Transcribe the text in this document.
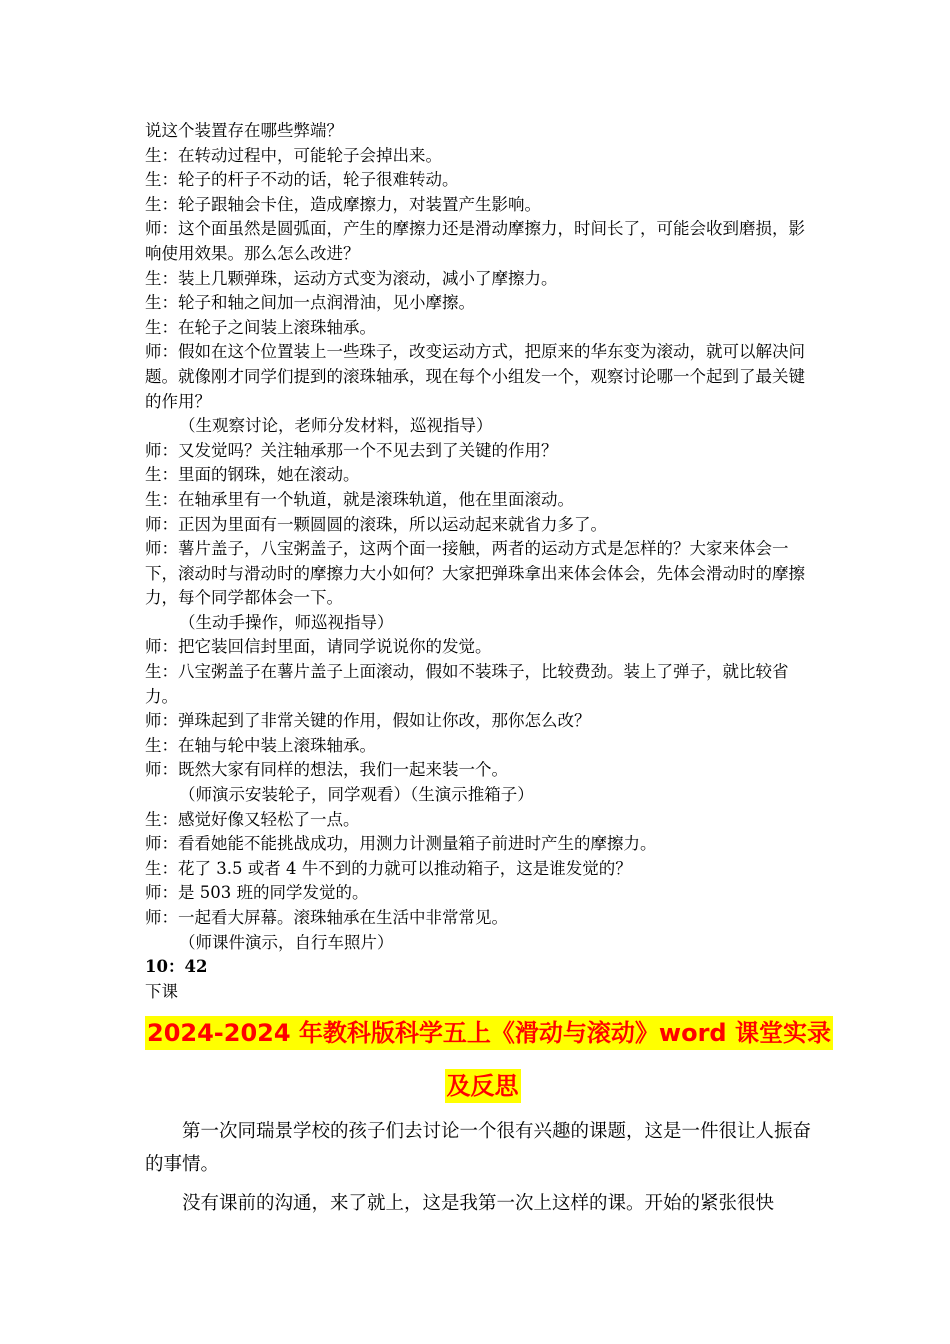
说这个装置存在哪些弊端？

生：在转动过程中，可能轮子会掉出来。

生：轮子的杆子不动的话，轮子很难转动。

生：轮子跟轴会卡住，造成摩擦力，对装置产生影响。

师：这个面虽然是圆弧面，产生的摩擦力还是滑动摩擦力，时间长了，可能会收到磨损，影响使用效果。那么怎么改进？

生：装上几颗弹珠，运动方式变为滚动，减小了摩擦力。

生：轮子和轴之间加一点润滑油，见小摩擦。

生：在轮子之间装上滚珠轴承。

师：假如在这个位置装上一些珠子，改变运动方式，把原来的华东变为滚动，就可以解决问题。就像刚才同学们提到的滚珠轴承，现在每个小组发一个，观察讨论哪一个起到了最关键的作用？

（生观察讨论，老师分发材料，巡视指导）

师：又发觉吗？关注轴承那一个不见去到了关键的作用？

生：里面的钢珠，她在滚动。

生：在轴承里有一个轨道，就是滚珠轨道，他在里面滚动。

师：正因为里面有一颗圆圆的滚珠，所以运动起来就省力多了。

师：薯片盖子，八宝粥盖子，这两个面一接触，两者的运动方式是怎样的？大家来体会一下，滚动时与滑动时的摩擦力大小如何？大家把弹珠拿出来体会体会，先体会滑动时的摩擦力，每个同学都体会一下。

（生动手操作，师巡视指导）

师：把它装回信封里面，请同学说说你的发觉。

生：八宝粥盖子在薯片盖子上面滚动，假如不装珠子，比较费劲。装上了弹子，就比较省力。

师：弹珠起到了非常关键的作用，假如让你改，那你怎么改？

生：在轴与轮中装上滚珠轴承。

师：既然大家有同样的想法，我们一起来装一个。

（师演示安装轮子，同学观看）（生演示推箱子）

生：感觉好像又轻松了一点。

师：看看她能不能挑战成功，用测力计测量箱子前进时产生的摩擦力。

生：花了 3.5 或者 4 牛不到的力就可以推动箱子，这是谁发觉的？

师：是 503 班的同学发觉的。

师：一起看大屏幕。滚珠轴承在生活中非常常见。

（师课件演示，自行车照片）

10：42

下课

2024-2024 年教科版科学五上《滑动与滚动》word 课堂实录
及反思

第一次同瑞景学校的孩子们去讨论一个很有兴趣的课题，这是一件很让人振奋的事情。

没有课前的沟通，来了就上，这是我第一次上这样的课。开始的紧张很快
